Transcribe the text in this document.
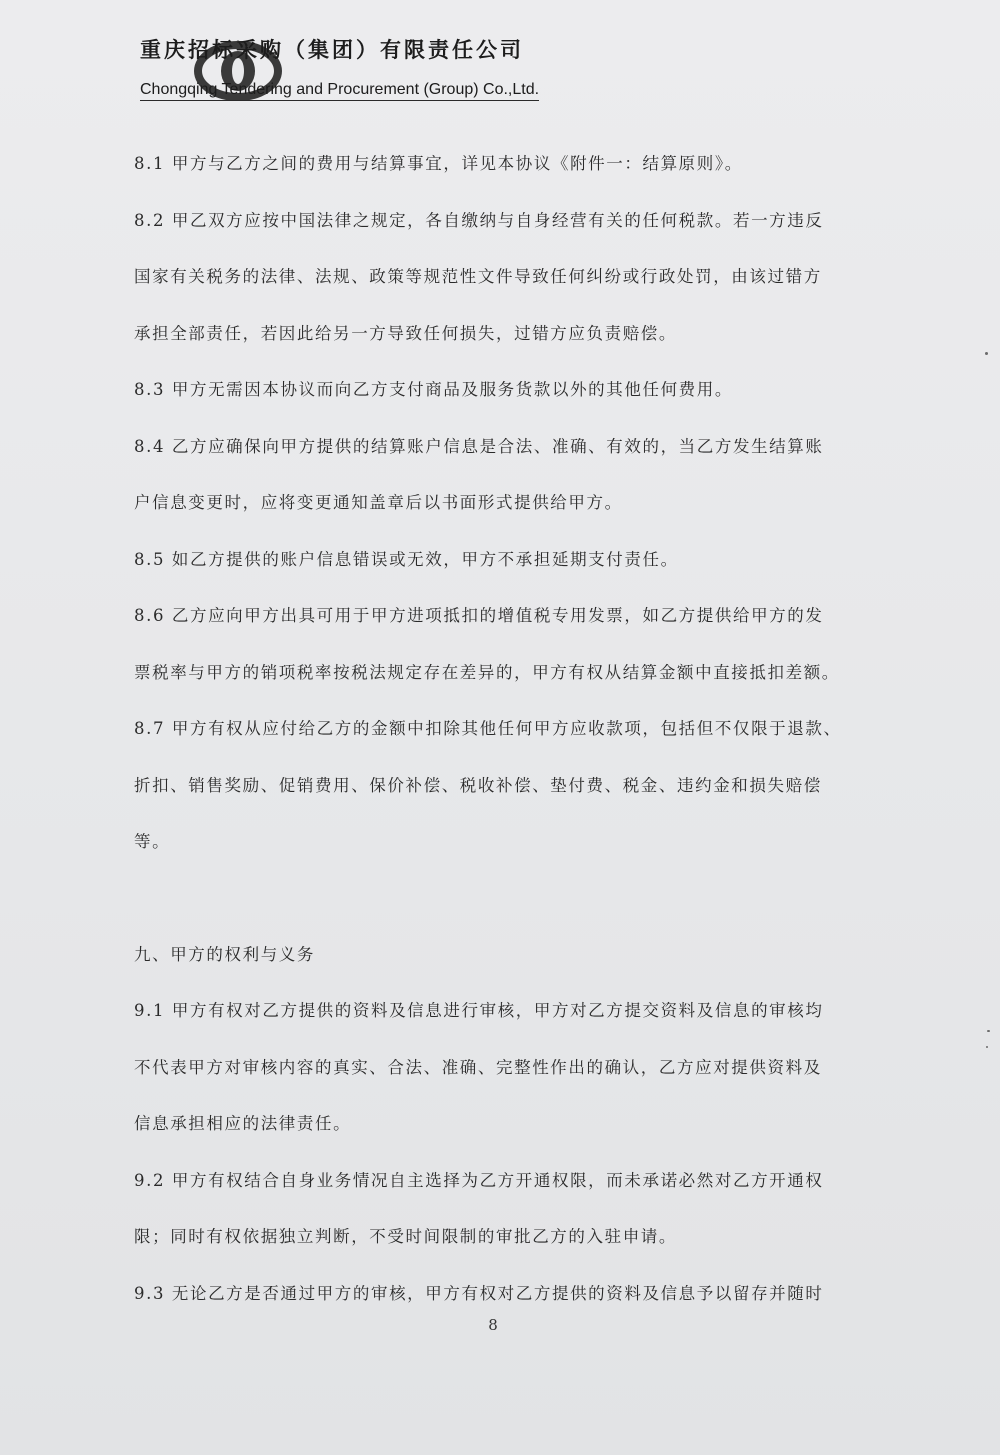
重庆招标采购（集团）有限责任公司
Chongqing Tendering and Procurement (Group) Co.,Ltd.

8.1 甲方与乙方之间的费用与结算事宜，详见本协议《附件一：结算原则》。

8.2 甲乙双方应按中国法律之规定，各自缴纳与自身经营有关的任何税款。若一方违反

国家有关税务的法律、法规、政策等规范性文件导致任何纠纷或行政处罚，由该过错方

承担全部责任，若因此给另一方导致任何损失，过错方应负责赔偿。

8.3 甲方无需因本协议而向乙方支付商品及服务货款以外的其他任何费用。

8.4 乙方应确保向甲方提供的结算账户信息是合法、准确、有效的，当乙方发生结算账

户信息变更时，应将变更通知盖章后以书面形式提供给甲方。

8.5 如乙方提供的账户信息错误或无效，甲方不承担延期支付责任。

8.6 乙方应向甲方出具可用于甲方进项抵扣的增值税专用发票，如乙方提供给甲方的发

票税率与甲方的销项税率按税法规定存在差异的，甲方有权从结算金额中直接抵扣差额。

8.7 甲方有权从应付给乙方的金额中扣除其他任何甲方应收款项，包括但不仅限于退款、

折扣、销售奖励、促销费用、保价补偿、税收补偿、垫付费、税金、违约金和损失赔偿

等。

九、甲方的权利与义务

9.1 甲方有权对乙方提供的资料及信息进行审核，甲方对乙方提交资料及信息的审核均

不代表甲方对审核内容的真实、合法、准确、完整性作出的确认，乙方应对提供资料及

信息承担相应的法律责任。

9.2 甲方有权结合自身业务情况自主选择为乙方开通权限，而未承诺必然对乙方开通权

限；同时有权依据独立判断，不受时间限制的审批乙方的入驻申请。

9.3 无论乙方是否通过甲方的审核，甲方有权对乙方提供的资料及信息予以留存并随时

8
